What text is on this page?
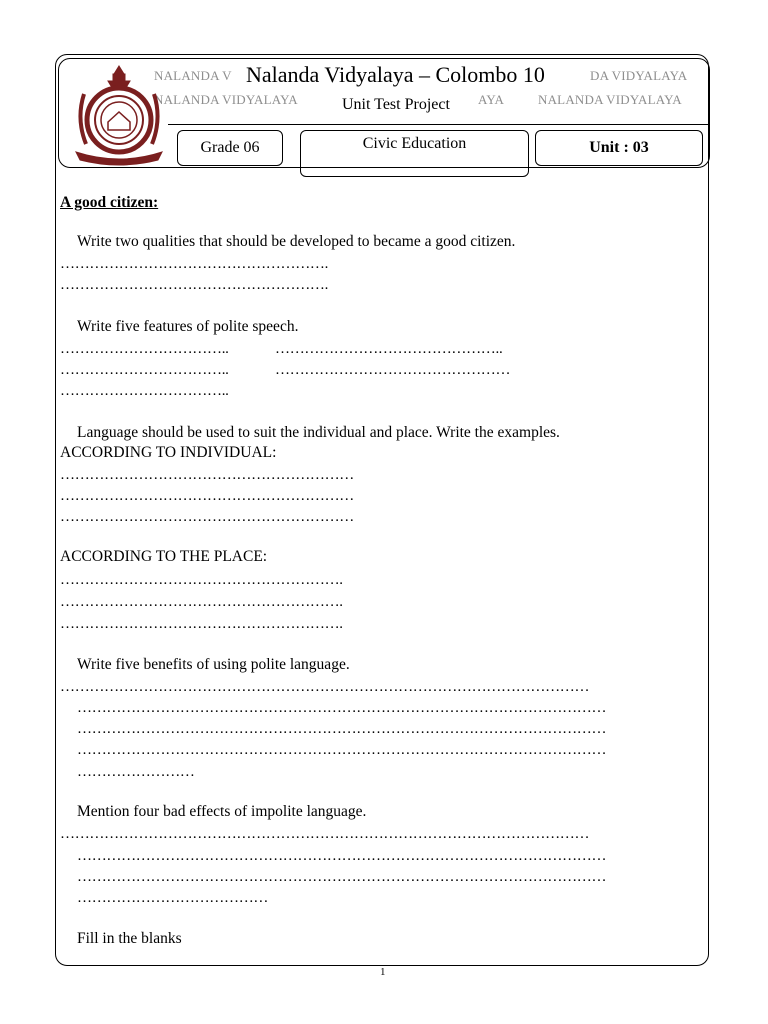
NALANDA V	DA VIDYALAYA
NALANDA VIDYALAYA	AYA	NALANDA VIDYALAYA
Nalanda Vidyalaya – Colombo 10
Unit Test Project
Grade 06	Civic Education	Unit : 03
A good citizen:
Write two qualities that should be developed to became a good citizen.
……………………………………………….
……………………………………………….
Write five features of polite speech.
……………………………..	………………………………………..
……………………………..	…………………………………………
……………………………..
Language should be used to suit the individual and place. Write the examples.
ACCORDING TO INDIVIDUAL:
……………………………………………………
……………………………………………………
……………………………………………………
ACCORDING TO THE PLACE:
………………………………………………….
………………………………………………….
………………………………………………….
Write five benefits of using polite language.
………………………………………………………………………………………………
………………………………………………………………………………………………
………………………………………………………………………………………………
………………………………………………………………………………………………
……………………
Mention four bad effects of impolite language.
………………………………………………………………………………………………
………………………………………………………………………………………………
………………………………………………………………………………………………
…………………………………
Fill in the blanks
1
